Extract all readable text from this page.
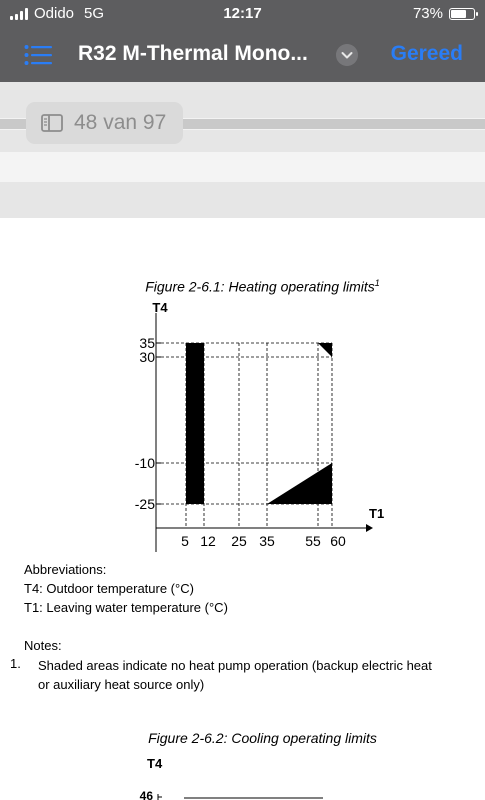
Odido 5G	12:17	73%
R32 M-Thermal Mono...	Gereed
48 van 97
Figure 2-6.1: Heating operating limits$^1$
T4
T1
35
30
-10
-25
5 12 25 35 55 60
Abbreviations:
T4: Outdoor temperature (°C)
T1: Leaving water temperature (°C)
Notes:
1. Shaded areas indicate no heat pump operation (backup electric heat
or auxiliary heat source only)
Figure 2-6.2: Cooling operating limits
T4
46
